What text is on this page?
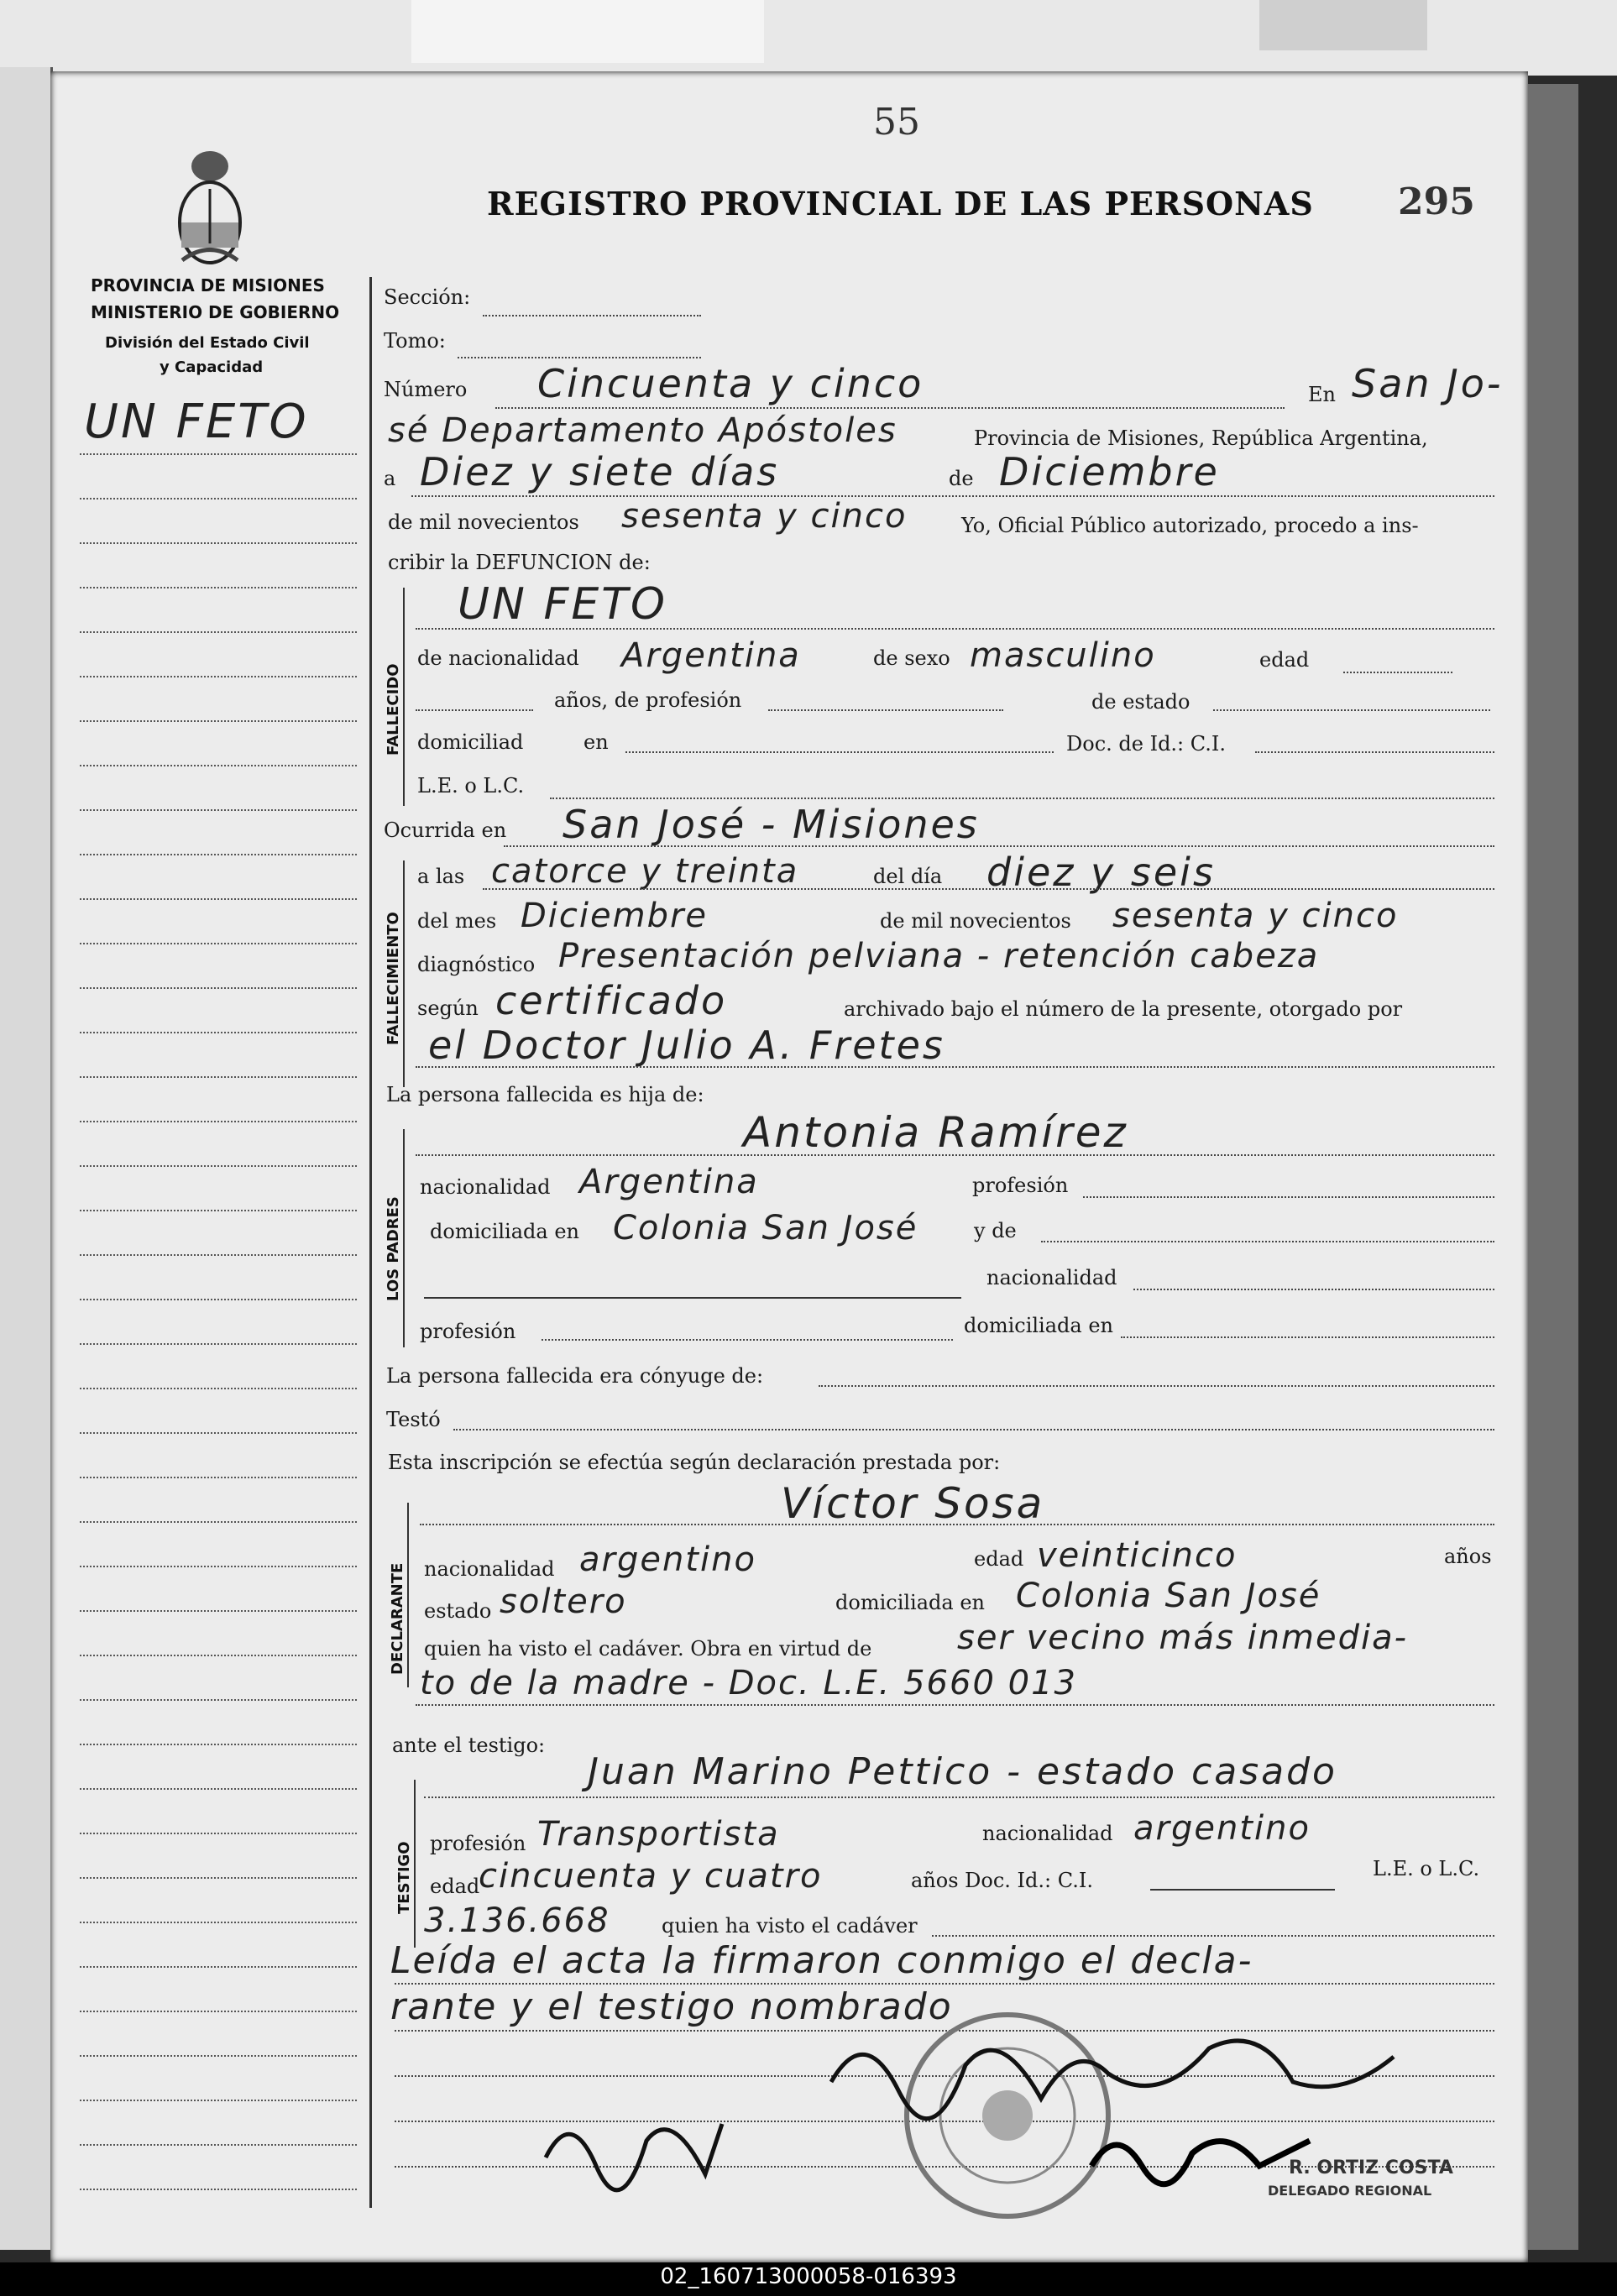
55
REGISTRO PROVINCIAL DE LAS PERSONAS 295
PROVINCIA DE MISIONES
MINISTERIO DE GOBIERNO
División del Estado Civil
y Capacidad
UN FETO
Sección:
Tomo:
Número Cincuenta y cinco	En San Jo-
sé Departamento Apóstoles	Provincia de Misiones, República Argentina,
a Diez y siete días	de Diciembre
de mil novecientos sesenta y cinco	Yo, Oficial Público autorizado, procedo a ins-
cribir la DEFUNCION de:
FALLECIDO
UN FETO
de nacionalidad Argentina	de sexo masculino	edad
años, de profesión	de estado
domiciliad	en	Doc. de Id.: C.I.
L.E. o L.C.
Ocurrida en San José - Misiones
FALLECIMIENTO
a las catorce y treinta	del día diez y seis
del mes Diciembre	de mil novecientos sesenta y cinco
diagnóstico Presentación pelviana - retención cabeza
según certificado	archivado bajo el número de la presente, otorgado por
el Doctor Julio A. Fretes
La persona fallecida es hija de:
LOS PADRES
Antonia Ramírez
nacionalidad Argentina	profesión
domiciliada en Colonia San José	y de
nacionalidad
profesión	domiciliada en
La persona fallecida era cónyuge de:
Testó
Esta inscripción se efectúa según declaración prestada por:
DECLARANTE
Víctor Sosa
nacionalidad argentino	edad veinticinco	años
estado soltero	domiciliada en Colonia San José
quien ha visto el cadáver. Obra en virtud de	ser vecino más inmedia-
to de la madre - Doc. L.E. 5660 013
ante el testigo:
TESTIGO
Juan Marino Pettico - estado casado
profesión Transportista	nacionalidad argentino
edad
cincuenta y cuatro	años Doc. Id.: C.I.	L.E. o L.C.
3.136.668	quien ha visto el cadáver
Leída el acta la firmaron conmigo el decla-
rante y el testigo nombrado
R. ORTIZ COSTA
DELEGADO REGIONAL
02_160713000058-016393
